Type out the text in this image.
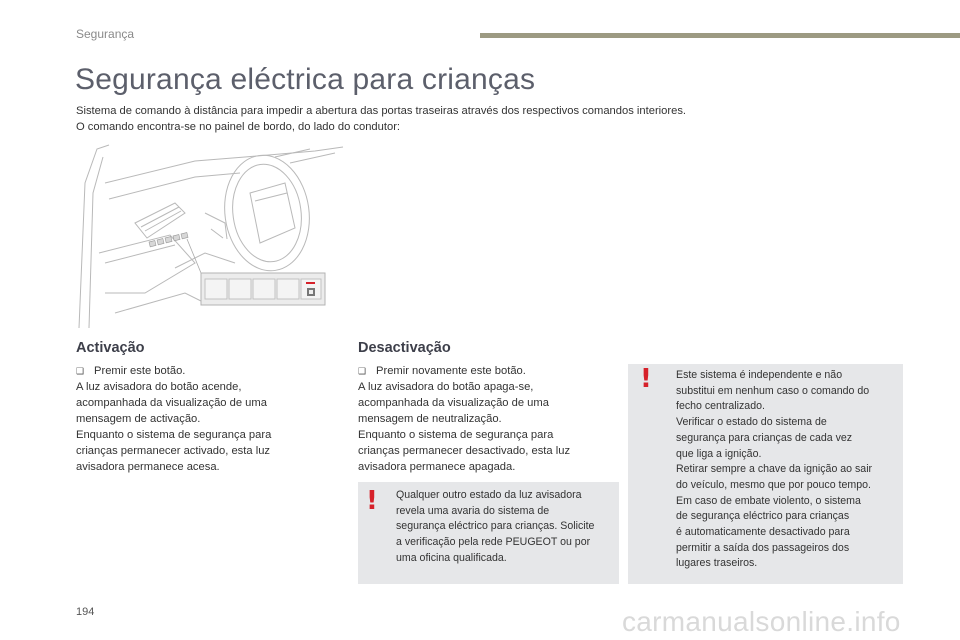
Segurança
Segurança eléctrica para crianças

Sistema de comando à distância para impedir a abertura das portas traseiras através dos respectivos comandos interiores.

O comando encontra-se no painel de bordo, do lado do condutor:

Activação
❑ Premir este botão.

A luz avisadora do botão acende,

acompanhada da visualização de uma

mensagem de activação.

Enquanto o sistema de segurança para

crianças permanecer activado, esta luz

avisadora permanece acesa.

Desactivação
❑ Premir novamente este botão.

A luz avisadora do botão apaga-se,

acompanhada da visualização de uma

mensagem de neutralização.

Enquanto o sistema de segurança para

crianças permanecer desactivado, esta luz

avisadora permanece apagada.

! Qualquer outro estado da luz avisadora

revela uma avaria do sistema de

segurança eléctrico para crianças. Solicite

a verificação pela rede PEUGEOT ou por

uma oficina qualificada.

! Este sistema é independente e não

substitui em nenhum caso o comando do

fecho centralizado.

Verificar o estado do sistema de

segurança para crianças de cada vez

que liga a ignição.

Retirar sempre a chave da ignição ao sair

do veículo, mesmo que por pouco tempo.

Em caso de embate violento, o sistema

de segurança eléctrico para crianças

é automaticamente desactivado para

permitir a saída dos passageiros dos

lugares traseiros.

194	carmanualsonline.info
